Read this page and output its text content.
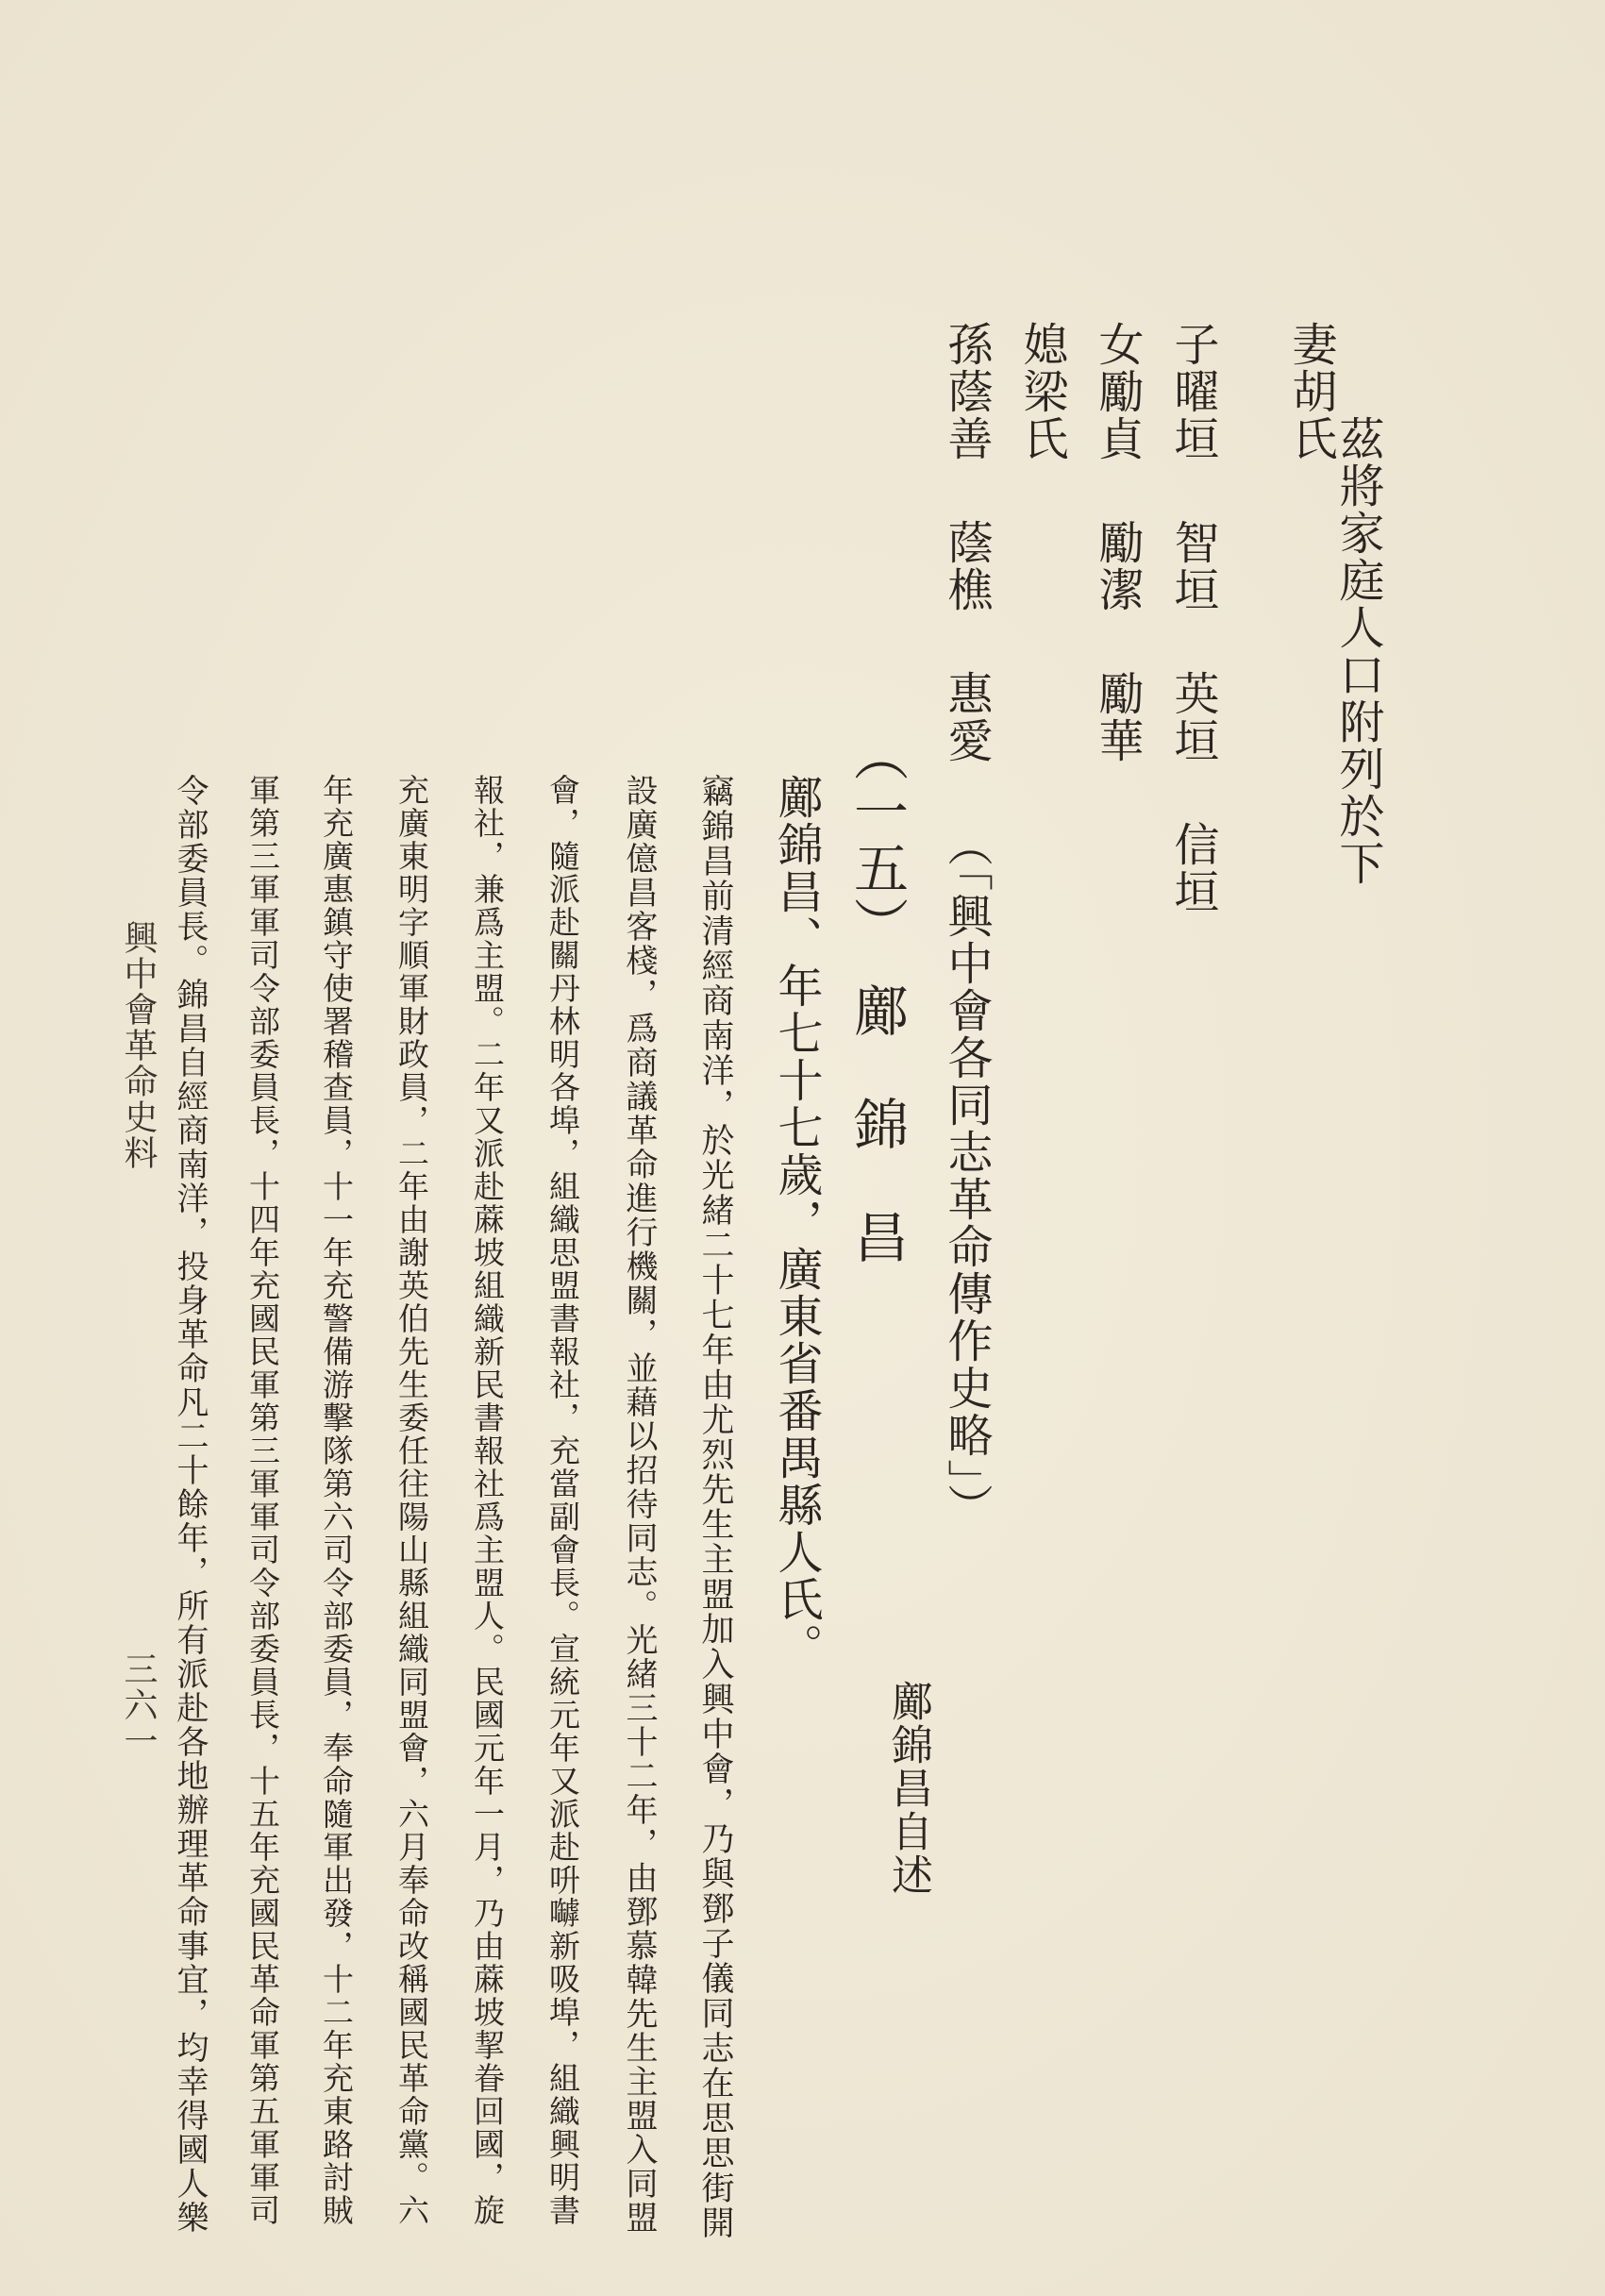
茲將家庭人口附列於下
妻胡氏
子曜垣智垣英垣信垣
女勵貞勵潔勵華
媳梁氏
孫蔭善蔭樵惠愛（「興中會各同志革命傳作史略」）
（一五）　鄺　錦　昌
鄺錦昌自述
鄺錦昌、年七十七歲，廣東省番禺縣人氏。
竊錦昌前清經商南洋，於光緒二十七年由尤烈先生主盟加入興中會，乃與鄧子儀同志在思思街開
設廣億昌客棧，爲商議革命進行機關，並藉以招待同志。光緒三十二年，由鄧慕韓先生主盟入同盟
會，隨派赴關丹林明各埠，組織思盟書報社，充當副會長。宣統元年又派赴呏嚹新吸埠，組織興明書
報社，兼爲主盟。二年又派赴蔴坡組織新民書報社爲主盟人。民國元年一月，乃由蔴坡挈眷回國，旋
充廣東明字順軍財政員，二年由謝英伯先生委任往陽山縣組織同盟會，六月奉命改稱國民革命黨。六
年充廣惠鎮守使署稽查員，十一年充警備游擊隊第六司令部委員，奉命隨軍出發，十二年充東路討賊
軍第三軍軍司令部委員長，十四年充國民軍第三軍軍司令部委員長，十五年充國民革命軍第五軍軍司
令部委員長。錦昌自經商南洋，投身革命凡二十餘年，所有派赴各地辦理革命事宜，均幸得國人樂
興中會革命史料
三六一
